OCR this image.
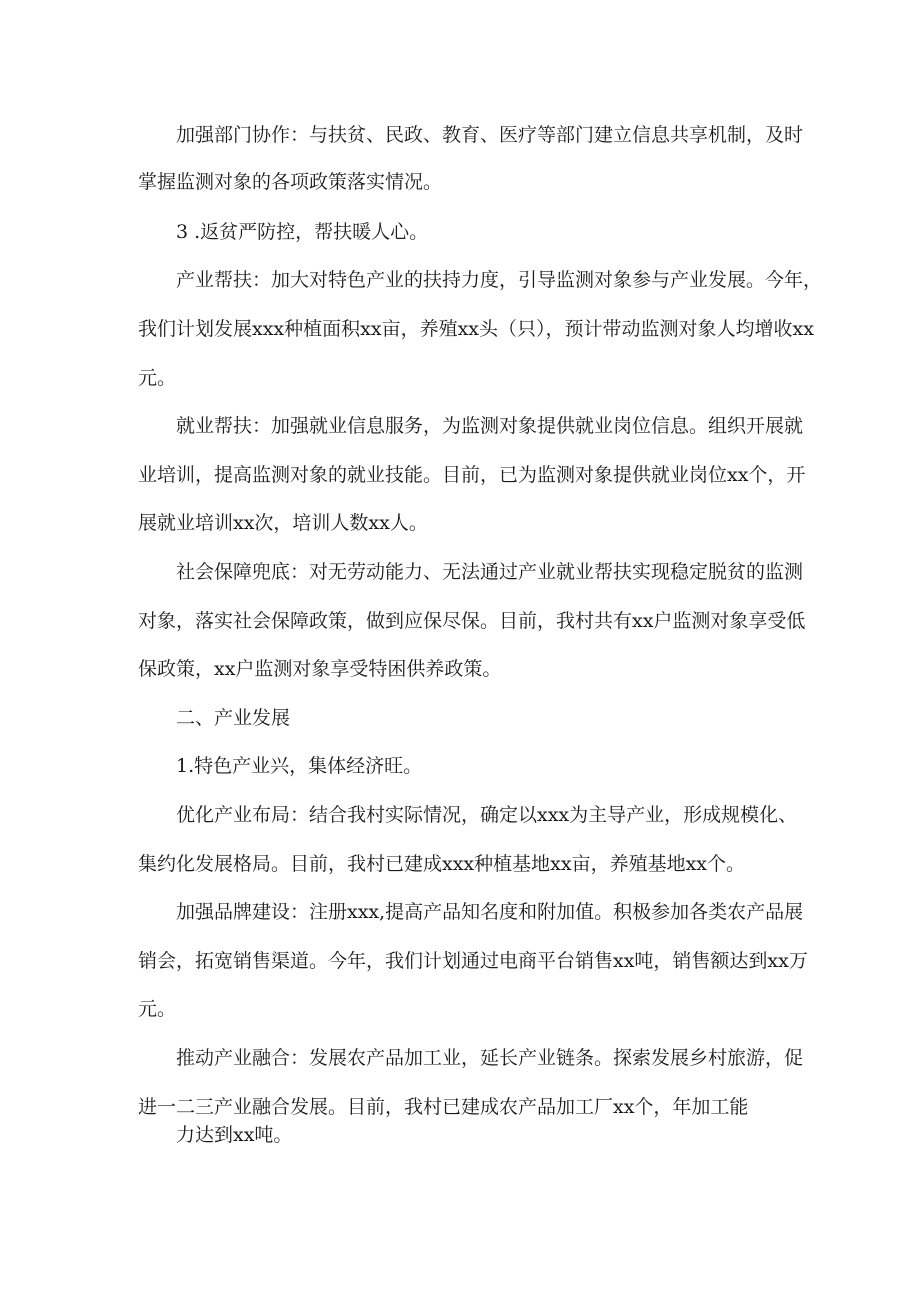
加强部门协作：与扶贫、民政、教育、医疗等部门建立信息共享机制，及时
掌握监测对象的各项政策落实情况。
3 .返贫严防控，帮扶暖人心。
产业帮扶：加大对特色产业的扶持力度，引导监测对象参与产业发展。今年，
我们计划发展xxx种植面积xx亩，养殖xx头（只），预计带动监测对象人均增收xx
元。
就业帮扶：加强就业信息服务，为监测对象提供就业岗位信息。组织开展就
业培训，提高监测对象的就业技能。目前，已为监测对象提供就业岗位xx个，开
展就业培训xx次，培训人数xx人。
社会保障兜底：对无劳动能力、无法通过产业就业帮扶实现稳定脱贫的监测
对象，落实社会保障政策，做到应保尽保。目前，我村共有xx户监测对象享受低
保政策，xx户监测对象享受特困供养政策。
二、产业发展
1.特色产业兴，集体经济旺。
优化产业布局：结合我村实际情况，确定以xxx为主导产业，形成规模化、
集约化发展格局。目前，我村已建成xxx种植基地xx亩，养殖基地xx个。
加强品牌建设：注册xxx,提高产品知名度和附加值。积极参加各类农产品展
销会，拓宽销售渠道。今年，我们计划通过电商平台销售xx吨，销售额达到xx万
元。
推动产业融合：发展农产品加工业，延长产业链条。探索发展乡村旅游，促
进一二三产业融合发展。目前，我村已建成农产品加工厂xx个，年加工能
力达到xx吨。
